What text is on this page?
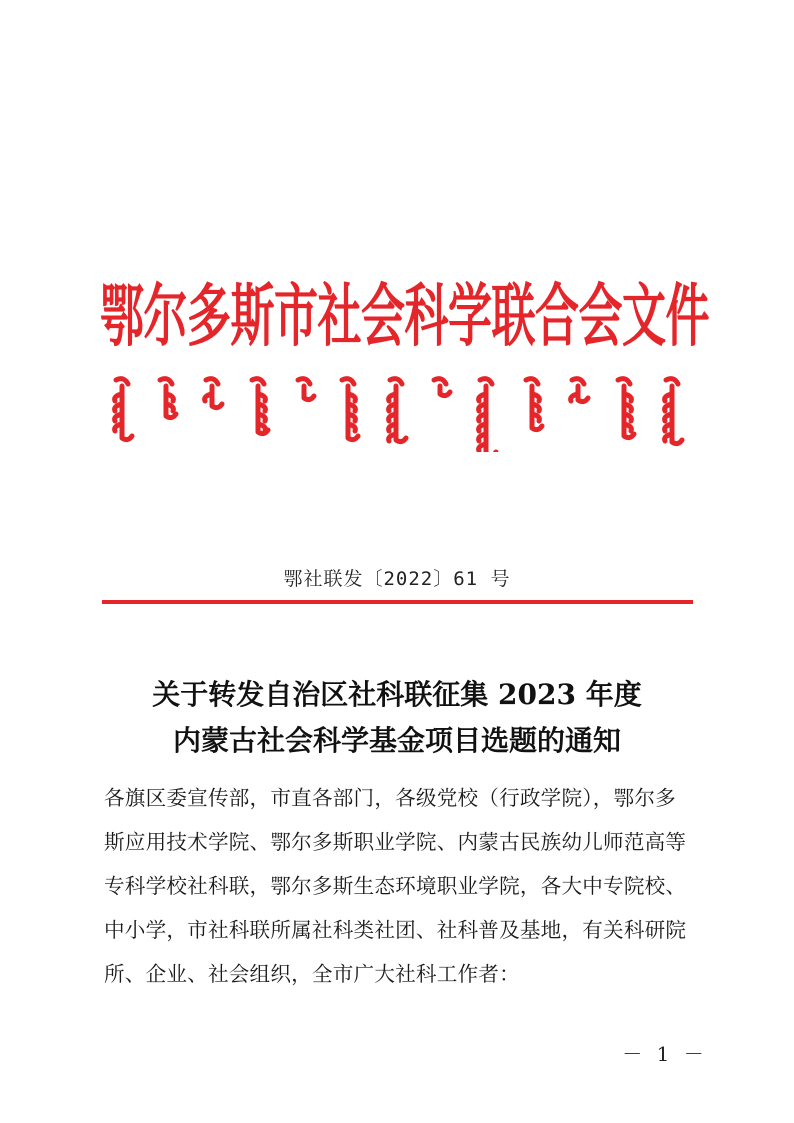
鄂尔多斯市社会科学联合会文件
鄂社联发〔2022〕61 号
关于转发自治区社科联征集 2023 年度
内蒙古社会科学基金项目选题的通知
各旗区委宣传部，市直各部门，各级党校（行政学院），鄂尔多
斯应用技术学院、鄂尔多斯职业学院、内蒙古民族幼儿师范高等
专科学校社科联，鄂尔多斯生态环境职业学院，各大中专院校、
中小学，市社科联所属社科类社团、社科普及基地，有关科研院
所、企业、社会组织，全市广大社科工作者：
－ 1 －
